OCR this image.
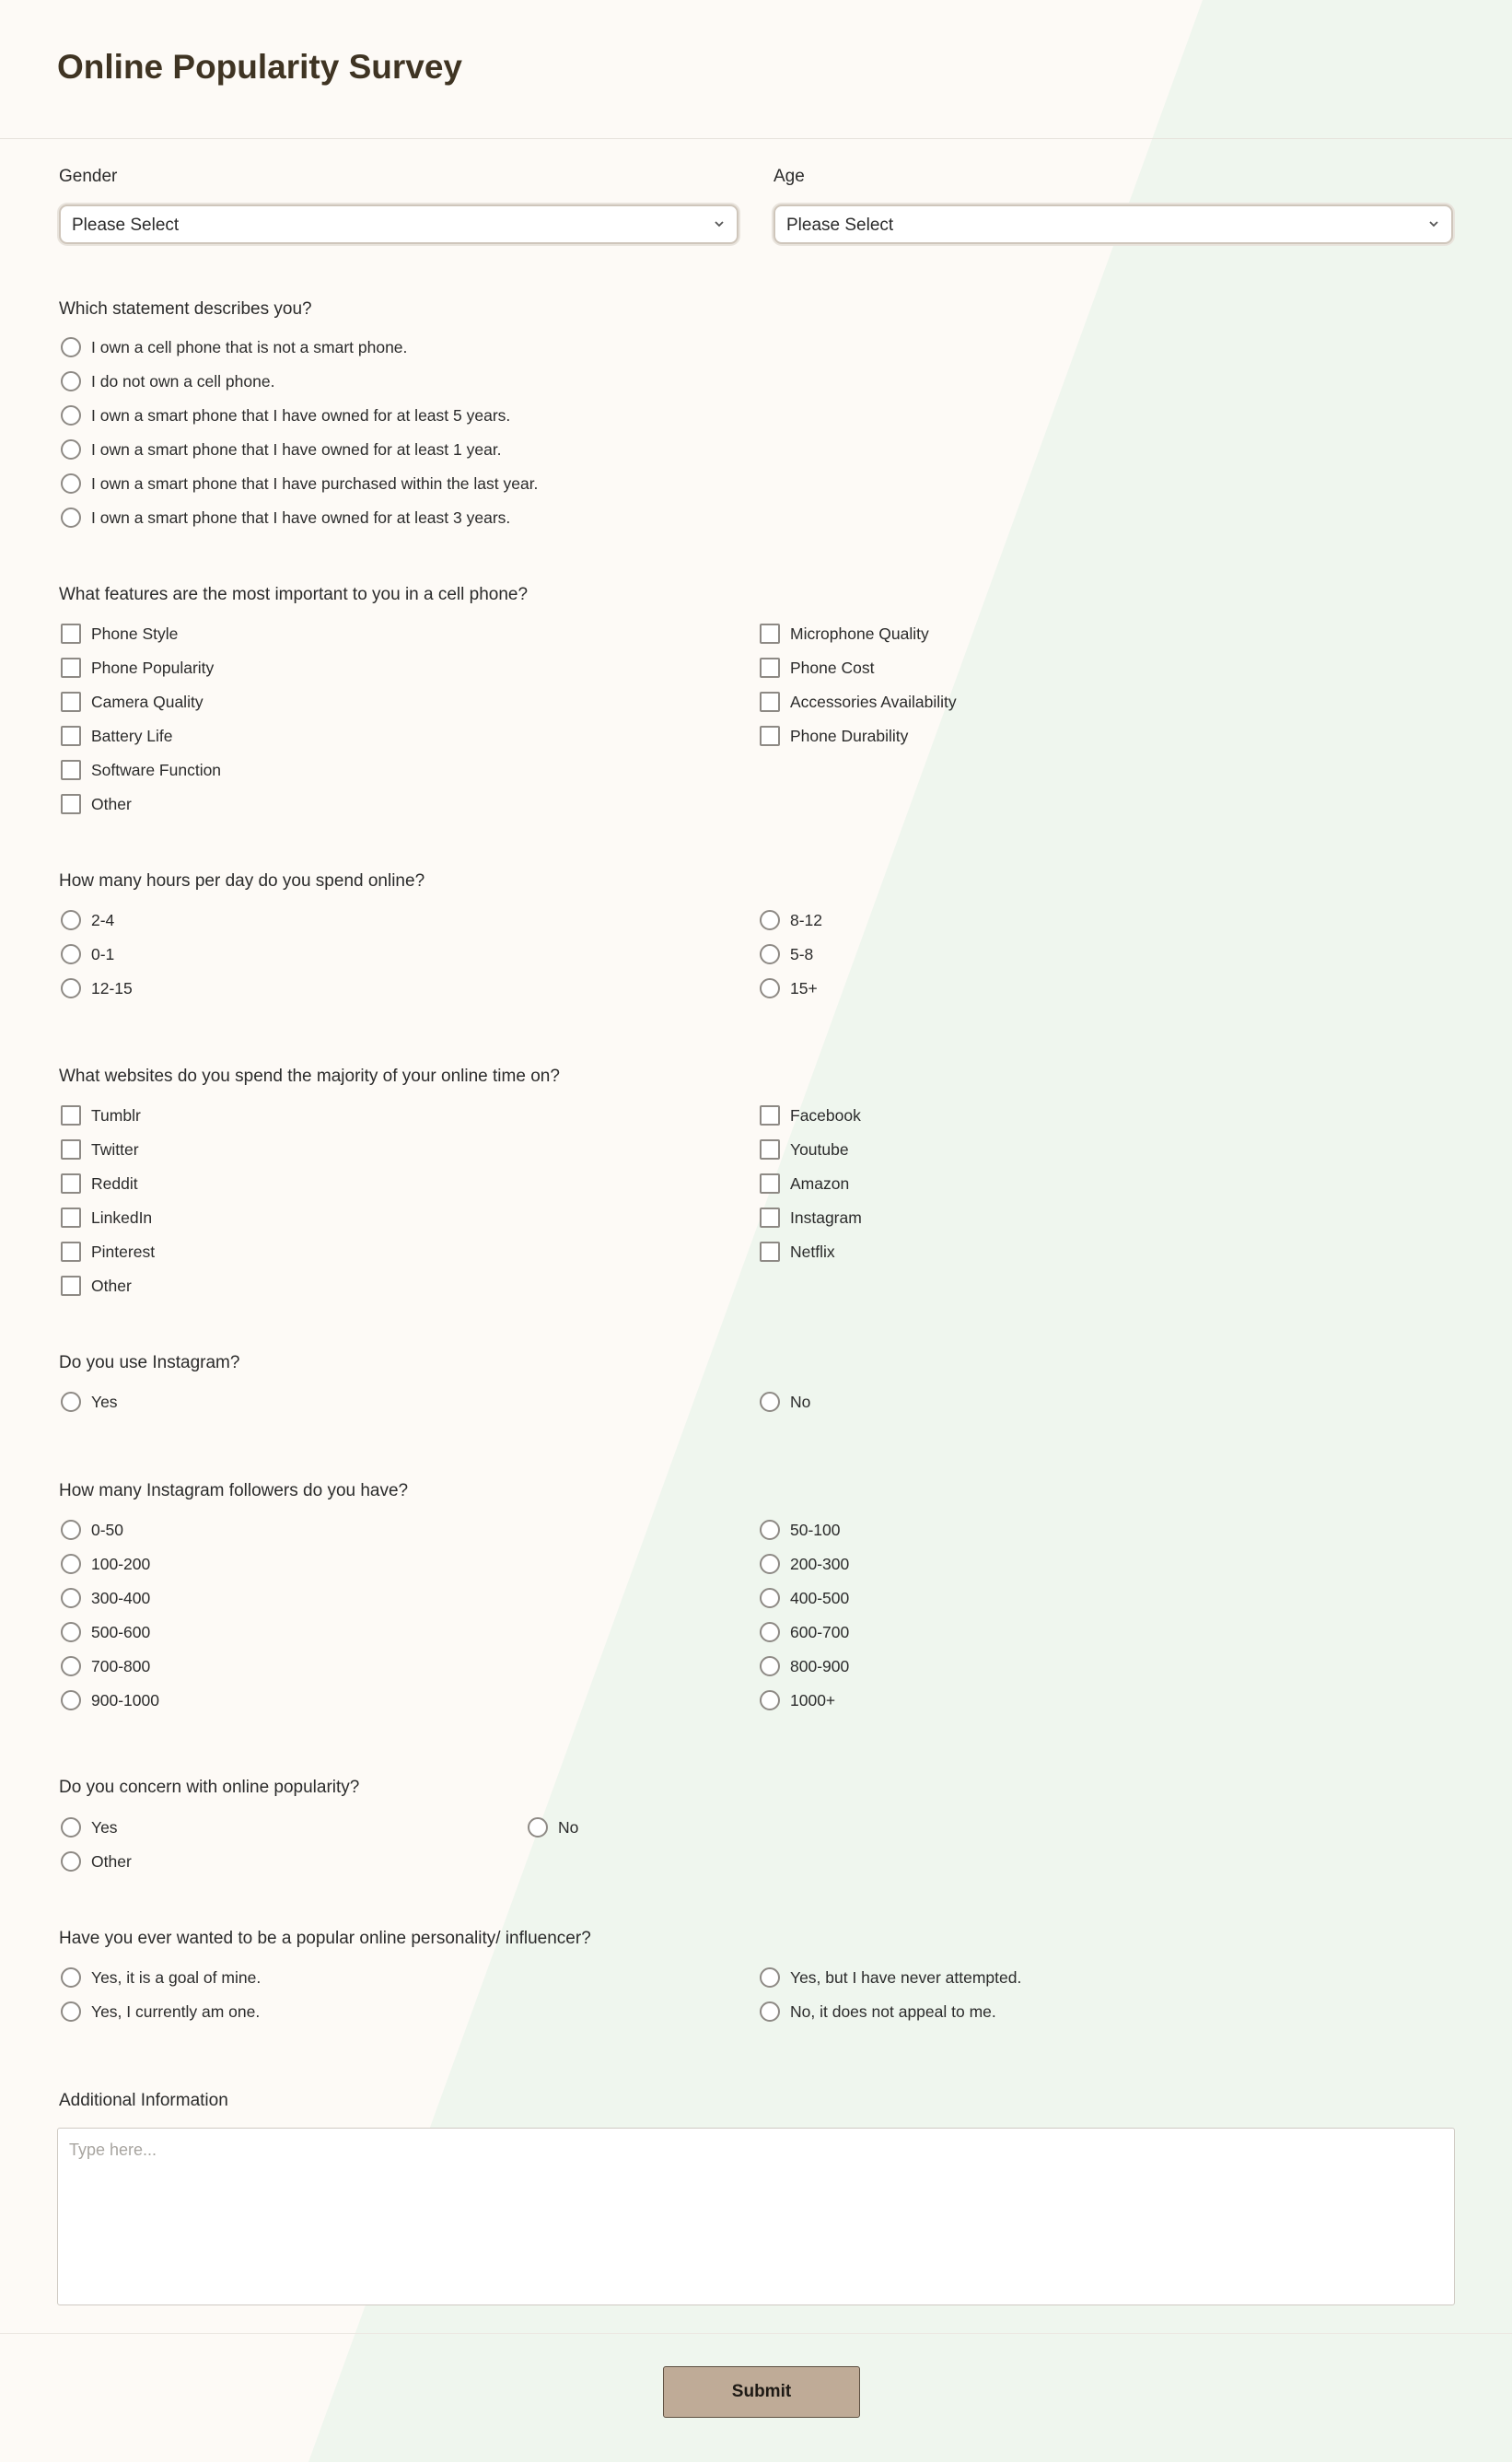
Online Popularity Survey
Gender
Please Select
Age
Please Select
Which statement describes you?
I own a cell phone that is not a smart phone.
I do not own a cell phone.
I own a smart phone that I have owned for at least 5 years.
I own a smart phone that I have owned for at least 1 year.
I own a smart phone that I have purchased within the last year.
I own a smart phone that I have owned for at least 3 years.
What features are the most important to you in a cell phone?
Phone Style
Phone Popularity
Camera Quality
Battery Life
Software Function
Other
Microphone Quality
Phone Cost
Accessories Availability
Phone Durability
How many hours per day do you spend online?
2-4
0-1
12-15
8-12
5-8
15+
What websites do you spend the majority of your online time on?
Tumblr
Twitter
Reddit
LinkedIn
Pinterest
Other
Facebook
Youtube
Amazon
Instagram
Netflix
Do you use Instagram?
Yes	No
How many Instagram followers do you have?
0-50
100-200
300-400
500-600
700-800
900-1000
50-100
200-300
400-500
600-700
800-900
1000+
Do you concern with online popularity?
Yes	No
Other
Have you ever wanted to be a popular online personality/ influencer?
Yes, it is a goal of mine.
Yes, I currently am one.
Yes, but I have never attempted.
No, it does not appeal to me.
Additional Information
Type here...
Submit
